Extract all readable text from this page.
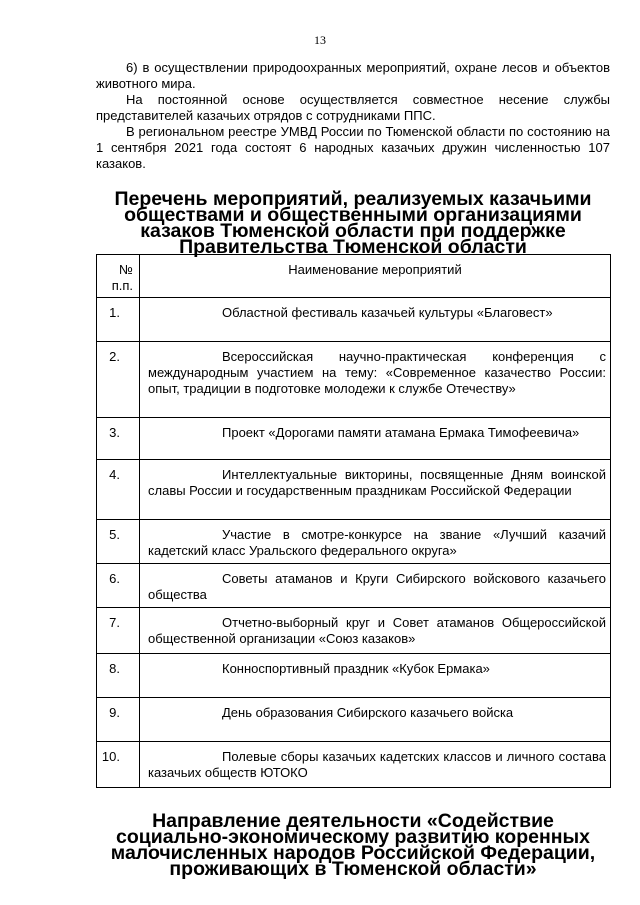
13

6) в осуществлении природоохранных мероприятий, охране лесов и объектов животного мира.

На постоянной основе осуществляется совместное несение службы представителей казачьих отрядов с сотрудниками ППС.

В региональном реестре УМВД России по Тюменской области по состоянию на 1 сентября 2021 года состоят 6 народных казачьих дружин численностью 107 казаков.

Перечень мероприятий, реализуемых казачьими обществами и общественными организациями казаков Тюменской области при поддержке Правительства Тюменской области
№
п.п.	Наименование мероприятий
1.	Областной фестиваль казачьей культуры «Благовест»
2.	Всероссийская научно-практическая конференция с международным участием на тему: «Современное казачество России: опыт, традиции в подготовке молодежи к службе Отечеству»
3.	Проект «Дорогами памяти атамана Ермака Тимофеевича»
4.	Интеллектуальные викторины, посвященные Дням воинской славы России и государственным праздникам Российской Федерации
5.	Участие в смотре-конкурсе на звание «Лучший казачий кадетский класс Уральского федерального округа»
6.	Советы атаманов и Круги Сибирского войскового казачьего общества
7.	Отчетно-выборный круг и Совет атаманов Общероссийской общественной организации «Союз казаков»
8.	Конноспортивный праздник «Кубок Ермака»
9.	День образования Сибирского казачьего войска
10.	Полевые сборы казачьих кадетских классов и личного состава казачьих обществ ЮТОКО
Направление деятельности «Содействие социально-экономическому развитию коренных малочисленных народов Российской Федерации, проживающих в Тюменской области»
